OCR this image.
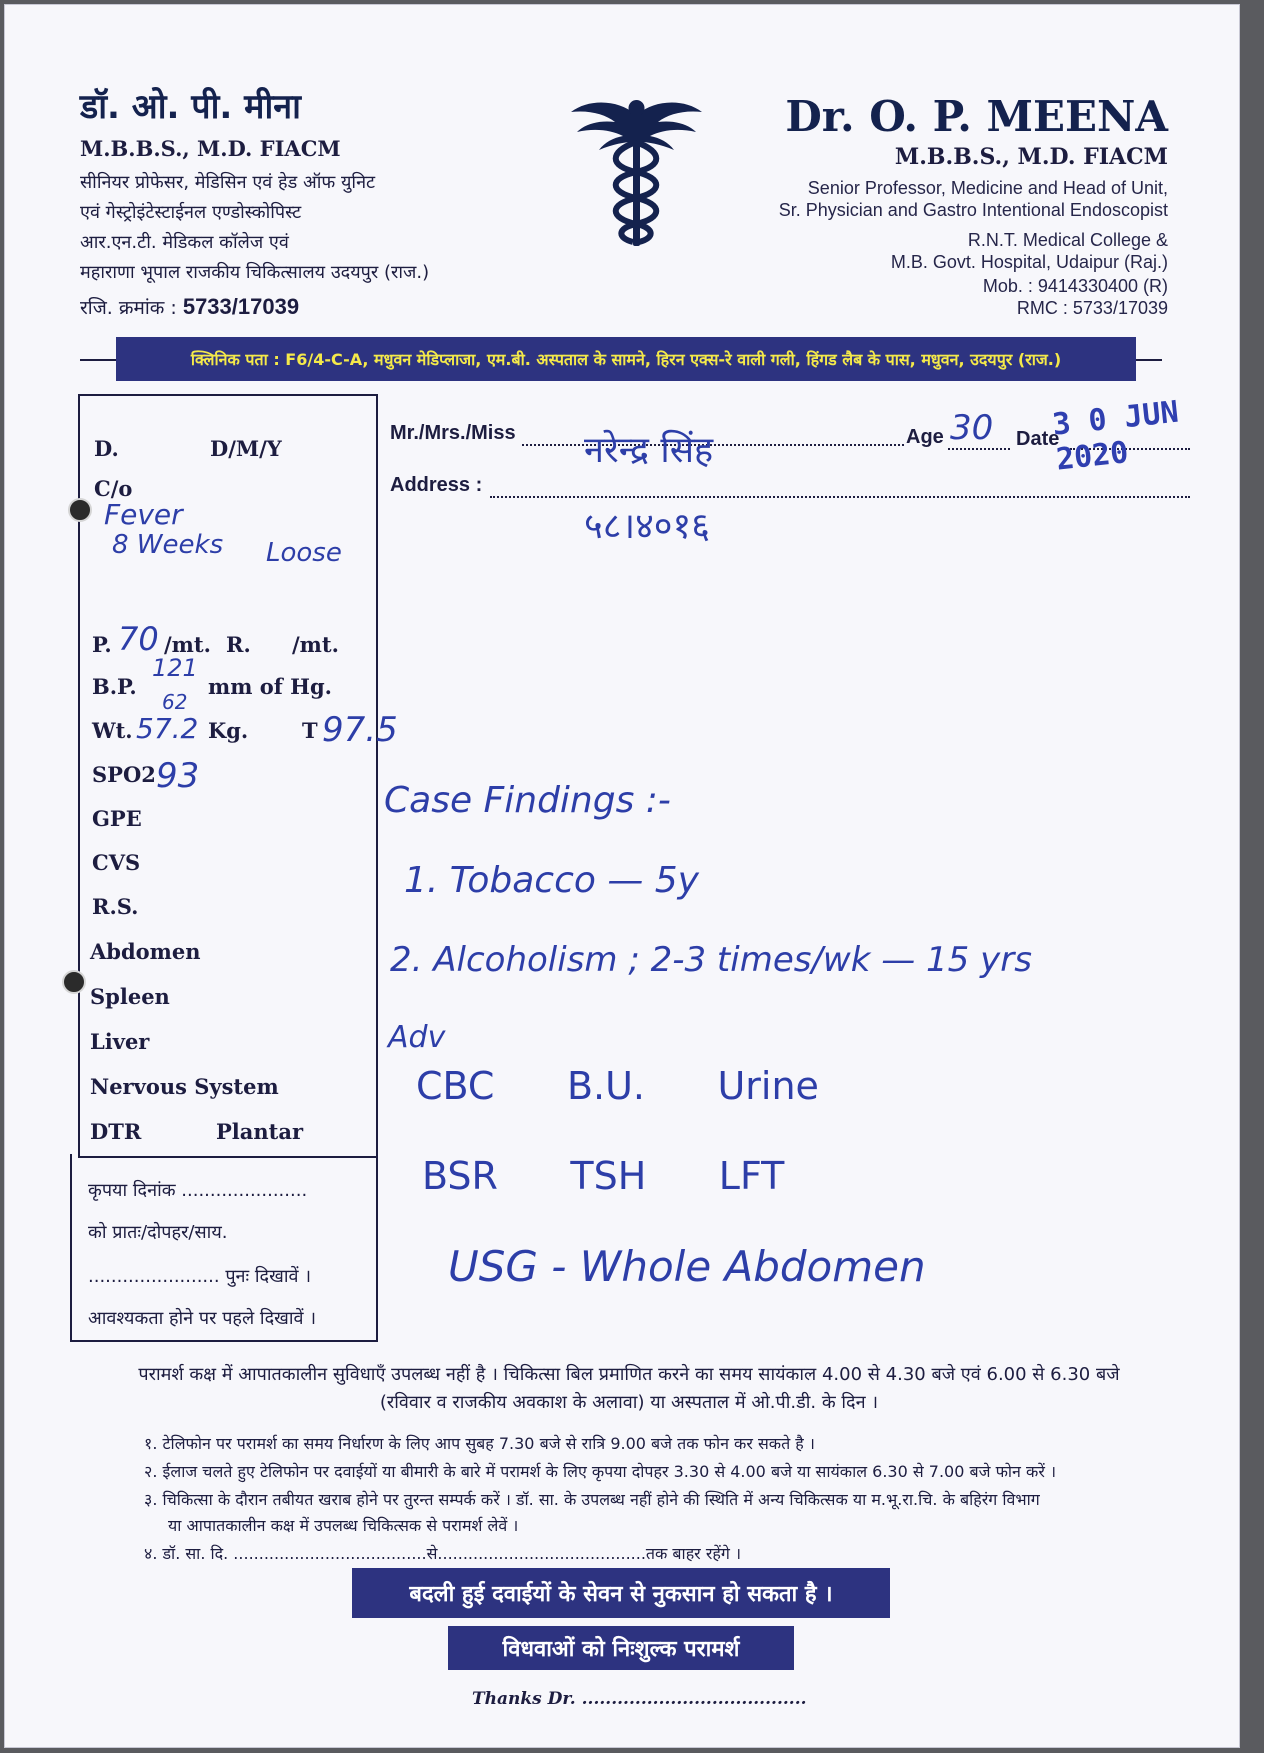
डॉ. ओ. पी. मीना
M.B.B.S., M.D. FIACM
सीनियर प्रोफेसर, मेडिसिन एवं हेड ऑफ युनिट
एवं गेस्ट्रोइंटेस्टाईनल एण्डोस्कोपिस्ट
आर.एन.टी. मेडिकल कॉलेज एवं
महाराणा भूपाल राजकीय चिकित्सालय उदयपुर (राज.)
रजि. क्रमांक : 5733/17039
Dr. O. P. MEENA
M.B.B.S., M.D. FIACM
Senior Professor, Medicine and Head of Unit,
Sr. Physician and Gastro Intentional Endoscopist
R.N.T. Medical College &
M.B. Govt. Hospital, Udaipur (Raj.)
Mob. : 9414330400 (R)
RMC : 5733/17039
क्लिनिक पता : F6/4-C-A, मधुवन मेडिप्लाजा, एम.बी. अस्पताल के सामने, हिरन एक्स-रे वाली गली, हिंगड लैब के पास, मधुवन, उदयपुर (राज.)
D.	D/M/Y
C/o
Fever
8 Weeks Loose
P. 70 /mt. R. /mt.
B.P.
121
62
mm of Hg.
Wt. 57.2 Kg.	T 97.5
SPO2 93
GPE
CVS
R.S.
Abdomen
Spleen
Liver
Nervous System
DTR	Plantar
कृपया दिनांक ......................
को प्रातः/दोपहर/साय.
....................... पुनः दिखावें ।
आवश्यकता होने पर पहले दिखावें ।
Mr./Mrs./Miss नरेन्द्र सिंह	Age 30 Date
3 0 JUN 2020
Address :
५८।४०१६
Case Findings :-
1. Tobacco — 5y
2. Alcoholism ; 2-3 times/wk — 15 yrs
Adv
CBC      B.U.      Urine
BSR      TSH      LFT
USG - Whole Abdomen
परामर्श कक्ष में आपातकालीन सुविधाएँ उपलब्ध नहीं है । चिकित्सा बिल प्रमाणित करने का समय सायंकाल 4.00 से 4.30 बजे एवं 6.00 से 6.30 बजे
(रविवार व राजकीय अवकाश के अलावा) या अस्पताल में ओ.पी.डी. के दिन ।
१. टेलिफोन पर परामर्श का समय निर्धारण के लिए आप सुबह 7.30 बजे से रात्रि 9.00 बजे तक फोन कर सकते है ।
२. ईलाज चलते हुए टेलिफोन पर दवाईयों या बीमारी के बारे में परामर्श के लिए कृपया दोपहर 3.30 से 4.00 बजे या सायंकाल 6.30 से 7.00 बजे फोन करें ।
३. चिकित्सा के दौरान तबीयत खराब होने पर तुरन्त सम्पर्क करें । डॉ. सा. के उपलब्ध नहीं होने की स्थिति में अन्य चिकित्सक या म.भू.रा.चि. के बहिरंग विभाग
या आपातकालीन कक्ष में उपलब्ध चिकित्सक से परामर्श लेवें ।
४. डॉ. सा. दि. ......................................से.........................................तक बाहर रहेंगे ।
बदली हुई दवाईयों के सेवन से नुकसान हो सकता है ।
विधवाओं को निःशुल्क परामर्श
Thanks Dr. ......................................
